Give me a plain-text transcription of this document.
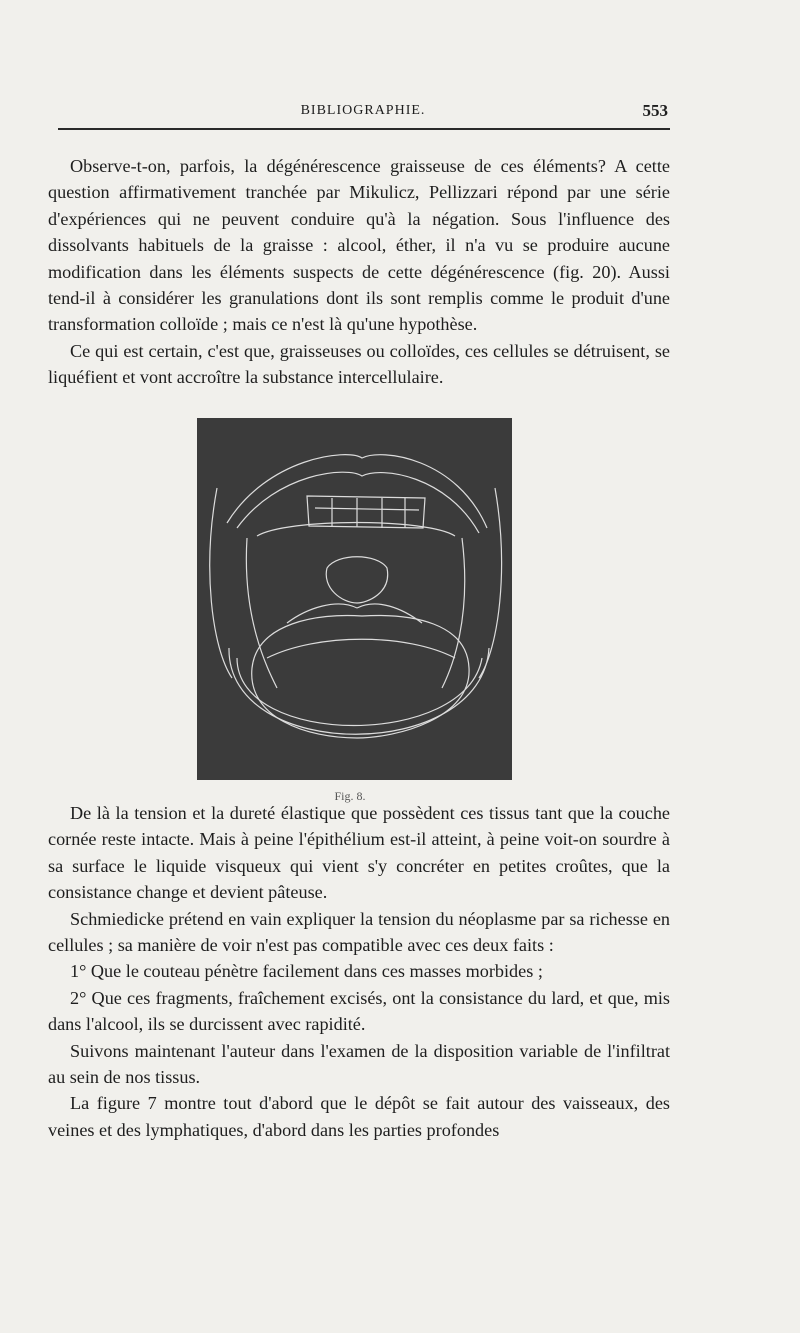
BIBLIOGRAPHIE.	553

Observe-t-on, parfois, la dégénérescence graisseuse de ces éléments? A cette question affirmativement tranchée par Mikulicz, Pellizzari répond par une série d'expériences qui ne peuvent conduire qu'à la négation. Sous l'influence des dissolvants habituels de la graisse : alcool, éther, il n'a vu se produire aucune modification dans les éléments suspects de cette dégénérescence (fig. 20). Aussi tend-il à considérer les granulations dont ils sont remplis comme le produit d'une transformation colloïde ; mais ce n'est là qu'une hypothèse.

Ce qui est certain, c'est que, graisseuses ou colloïdes, ces cellules se détruisent, se liquéfient et vont accroître la substance intercellulaire.

Fig. 8.

De là la tension et la dureté élastique que possèdent ces tissus tant que la couche cornée reste intacte. Mais à peine l'épithélium est-il atteint, à peine voit-on sourdre à sa surface le liquide visqueux qui vient s'y concréter en petites croûtes, que la consistance change et devient pâteuse.

Schmiedicke prétend en vain expliquer la tension du néoplasme par sa richesse en cellules ; sa manière de voir n'est pas compatible avec ces deux faits :

1° Que le couteau pénètre facilement dans ces masses morbides ;

2° Que ces fragments, fraîchement excisés, ont la consistance du lard, et que, mis dans l'alcool, ils se durcissent avec rapidité.

Suivons maintenant l'auteur dans l'examen de la disposition variable de l'infiltrat au sein de nos tissus.

La figure 7 montre tout d'abord que le dépôt se fait autour des vaisseaux, des veines et des lymphatiques, d'abord dans les parties profondes
